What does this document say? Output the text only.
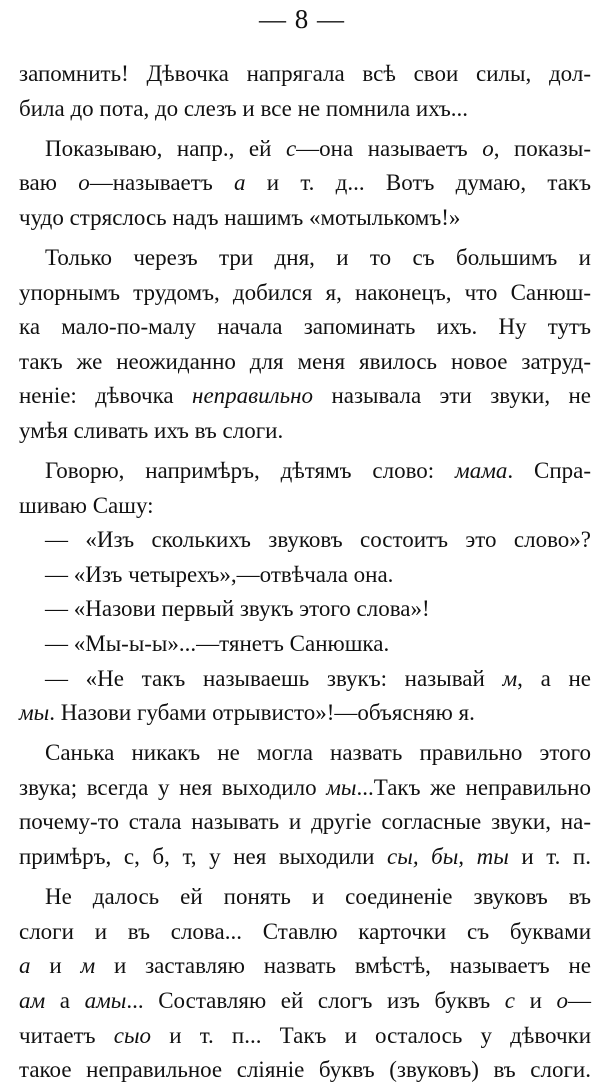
— 8 —
запомнить! Дѣвочка напрягала всѣ свои силы, дол-
била до пота, до слезъ и все не помнила ихъ...
Показываю, напр., ей с—она называетъ о, показы-
ваю о—называетъ а и т. д... Вотъ думаю, такъ
чудо стряслось надъ нашимъ «мотылькомъ!»
Только черезъ три дня, и то съ большимъ и
упорнымъ трудомъ, добился я, наконецъ, что Санюш-
ка мало-по-малу начала запоминать ихъ. Ну тутъ
такъ же неожиданно для меня явилось новое затруд-
неніе: дѣвочка неправильно называла эти звуки, не
умѣя сливать ихъ въ слоги.
Говорю, напримѣръ, дѣтямъ слово: мама. Спра-
шиваю Сашу:
— «Изъ сколькихъ звуковъ состоитъ это слово»?
— «Изъ четырехъ»,—отвѣчала она.
— «Назови первый звукъ этого слова»!
— «Мы-ы-ы»...—тянетъ Санюшка.
— «Не такъ называешь звукъ: называй м, а не
мы. Назови губами отрывисто»!—объясняю я.
Санька никакъ не могла назвать правильно этого
звука; всегда у нея выходило мы...Такъ же неправильно
почему-то стала называть и другіе согласные звуки, на-
примѣръ, с, б, т, у нея выходили сы, бы, ты и т. п.
Не далось ей понять и соединеніе звуковъ въ
слоги и въ слова... Ставлю карточки съ буквами
а и м и заставляю назвать вмѣстѣ, называетъ не
ам а амы... Составляю ей слогъ изъ буквъ с и о—
читаетъ сыо и т. п... Такъ и осталось у дѣвочки
такое неправильное сліяніе буквъ (звуковъ) въ слоги.
